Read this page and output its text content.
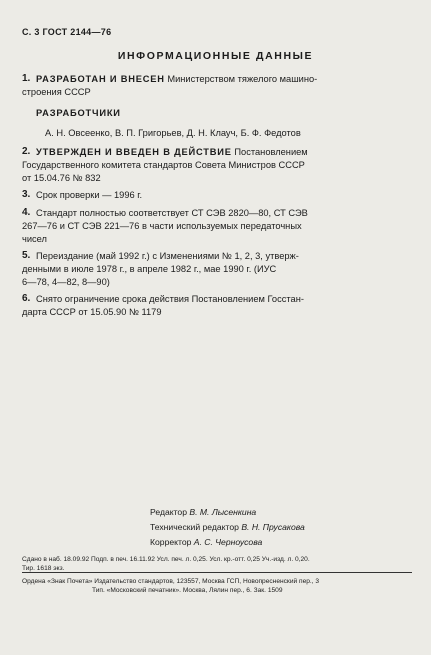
С. 3 ГОСТ 2144—76
ИНФОРМАЦИОННЫЕ ДАННЫЕ
1. РАЗРАБОТАН И ВНЕСЕН Министерством тяжелого машино-
строения СССР
РАЗРАБОТЧИКИ
А. Н. Овсеенко, В. П. Григорьев, Д. Н. Клауч, Б. Ф. Федотов
2. УТВЕРЖДЕН И ВВЕДЕН В ДЕЙСТВИЕ Постановлением
Государственного комитета стандартов Совета Министров СССР
от 15.04.76 № 832
3. Срок проверки — 1996 г.
4. Стандарт полностью соответствует СТ СЭВ 2820—80, СТ СЭВ
267—76 и СТ СЭВ 221—76 в части используемых передаточных
чисел
5. Переиздание (май 1992 г.) с Изменениями № 1, 2, 3, утверж-
денными в июле 1978 г., в апреле 1982 г., мае 1990 г. (ИУС
6—78, 4—82, 8—90)
6. Снято ограничение срока действия Постановлением Госстан-
дарта СССР от 15.05.90 № 1179
Редактор В. М. Лысенкина
Технический редактор В. Н. Прусакова
Корректор А. С. Черноусова
Сдано в наб. 18.09.92 Подп. в печ. 16.11.92 Усл. печ. л. 0,25. Усл. кр.-отт. 0,25 Уч.-изд. л. 0,20.
Тир. 1618 экз.
Ордена «Знак Почета» Издательство стандартов, 123557, Москва ГСП, Новопресненский пер., 3
Тип. «Московский печатник». Москва, Лялин пер., 6. Зак. 1509
